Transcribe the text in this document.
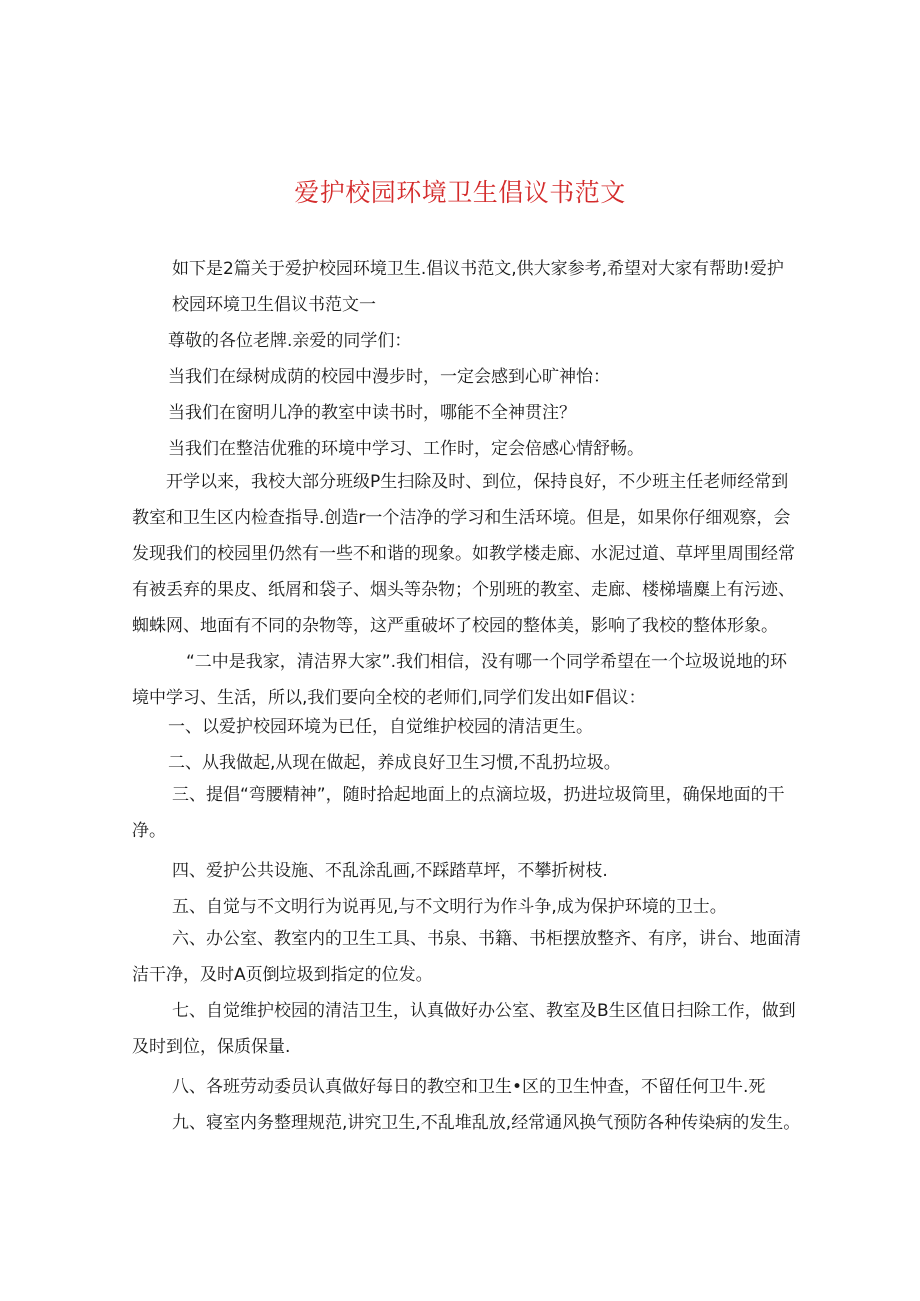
爱护校园环境卫生倡议书范文

如下是2篇关于爱护校园环境卫生.倡议书范文,供大家参考,希望对大家有帮助!爱护

校园环境卫生倡议书范文一

尊敬的各位老牌.亲爱的同学们：

当我们在绿树成荫的校园中漫步时，一定会感到心旷神怡：

当我们在窗明儿净的教室中读书时，哪能不全神贯注？

当我们在整洁优雅的环境中学习、工作时，定会倍感心情舒畅。

开学以来，我校大部分班级P生扫除及时、到位，保持良好，不少班主任老师经常到教室和卫生区内检查指导.创造r一个洁净的学习和生活环境。但是，如果你仔细观察，会发现我们的校园里仍然有一些不和谐的现象。如教学楼走廊、水泥过道、草坪里周围经常有被丢弃的果皮、纸屑和袋子、烟头等杂物；个别班的教室、走廊、楼梯墙麋上有污迹、蜘蛛网、地面有不同的杂物等，这严重破坏了校园的整体美，影响了我校的整体形象。

“二中是我家，清洁界大家”.我们相信，没有哪一个同学希望在一个垃圾说地的环境中学习、生活，所以,我们要向全校的老师们,同学们发出如F倡议：

一、以爱护校园环境为已任，自觉维护校园的清洁更生。

二、从我做起,从现在做起，养成良好卫生习惯,不乱扔垃圾。

三、提倡“弯腰精神”，随时拾起地面上的点滴垃圾，扔进垃圾筒里，确保地面的干净。

四、爱护公共设施、不乱涂乱画,不踩踏草坪，不攀折树枝.

五、自觉与不文明行为说再见,与不文明行为作斗争,成为保护环境的卫士。

六、办公室、教室内的卫生工具、书泉、书籍、书柜摆放整齐、有序，讲台、地面清洁干净，及时A页倒垃圾到指定的位发。

七、自觉维护校园的清洁卫生，认真做好办公室、教室及B生区值日扫除工作，做到及时到位，保质保量.

八、各班劳动委员认真做好每日的教空和卫生•区的卫生忡查，不留任何卫牛.死

九、寝室内务整理规范,讲究卫生,不乱堆乱放,经常通风换气预防各种传染病的发生。
